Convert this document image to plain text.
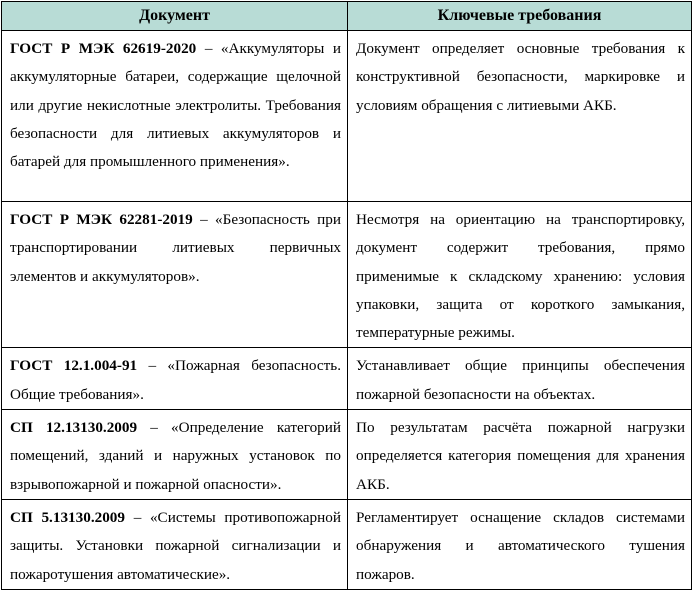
Документ	Ключевые требования

ГОСТ Р МЭК 62619-2020 – «Аккумуляторы и аккумуляторные батареи, содержащие щелочной или другие некислотные электролиты. Требования безопасности для литиевых аккумуляторов и батарей для промышленного применения».	Документ определяет основные требования к конструктивной безопасности, маркировке и условиям обращения с литиевыми АКБ.

ГОСТ Р МЭК 62281-2019 – «Безопасность при транспортировании литиевых первичных элементов и аккумуляторов».	Несмотря на ориентацию на транспортировку, документ содержит требования, прямо применимые к складскому хранению: условия упаковки, защита от короткого замыкания, температурные режимы.

ГОСТ 12.1.004-91 – «Пожарная безопасность. Общие требования».	Устанавливает общие принципы обеспечения пожарной безопасности на объектах.

СП 12.13130.2009 – «Определение категорий помещений, зданий и наружных установок по взрывопожарной и пожарной опасности».	По результатам расчёта пожарной нагрузки определяется категория помещения для хранения АКБ.

СП 5.13130.2009 – «Системы противопожарной защиты. Установки пожарной сигнализации и пожаротушения автоматические».	Регламентирует оснащение складов системами обнаружения и автоматического тушения пожаров.
